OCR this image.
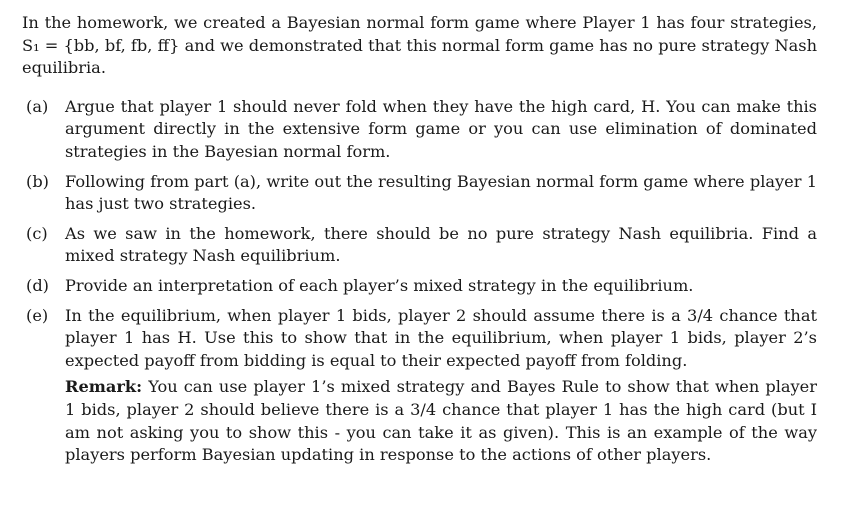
In the homework, we created a Bayesian normal form game where Player 1 has four strategies, S₁ = {bb, bf, fb, ff} and we demonstrated that this normal form game has no pure strategy Nash equilibria.

(a) Argue that player 1 should never fold when they have the high card, H. You can make this argument directly in the extensive form game or you can use elimination of dominated strategies in the Bayesian normal form.
(b) Following from part (a), write out the resulting Bayesian normal form game where player 1 has just two strategies.
(c) As we saw in the homework, there should be no pure strategy Nash equilibria. Find a mixed strategy Nash equilibrium.
(d) Provide an interpretation of each player’s mixed strategy in the equilibrium.
(e) In the equilibrium, when player 1 bids, player 2 should assume there is a 3/4 chance that player 1 has H. Use this to show that in the equilibrium, when player 1 bids, player 2’s expected payoff from bidding is equal to their expected payoff from folding.
Remark: You can use player 1’s mixed strategy and Bayes Rule to show that when player 1 bids, player 2 should believe there is a 3/4 chance that player 1 has the high card (but I am not asking you to show this - you can take it as given). This is an example of the way players perform Bayesian updating in response to the actions of other players.
